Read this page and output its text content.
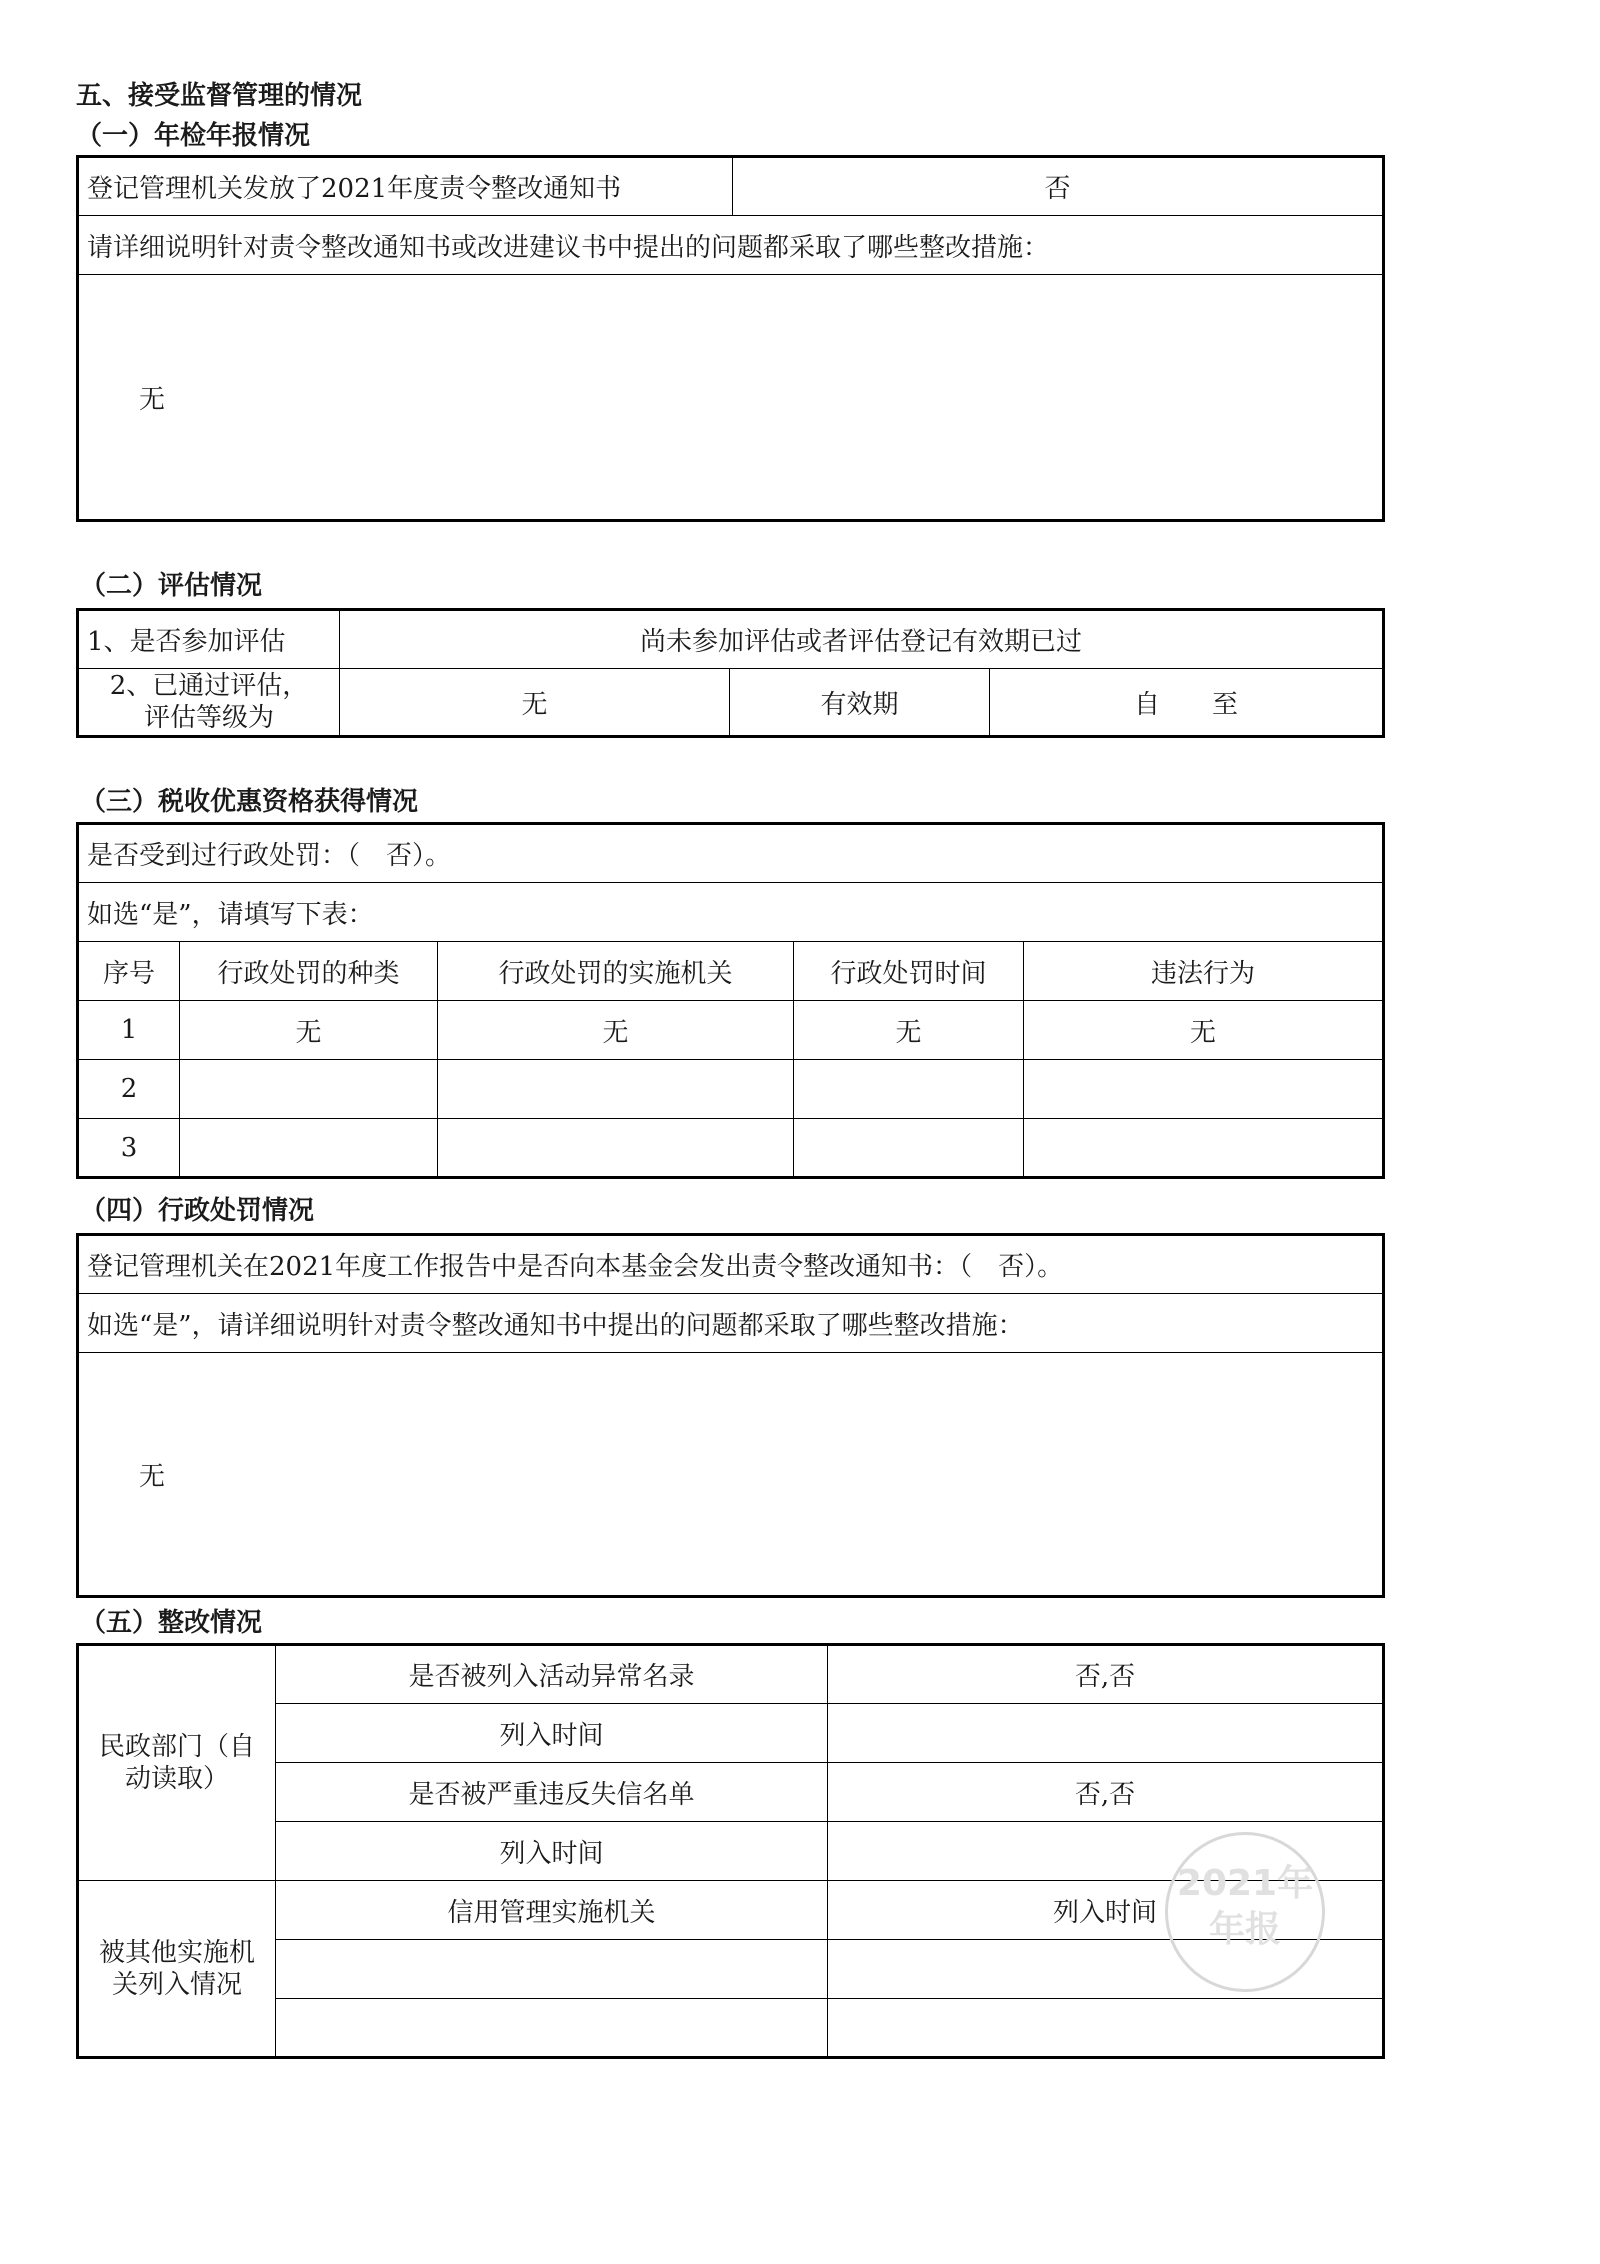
五、接受监督管理的情况
（一）年检年报情况
登记管理机关发放了2021年度责令整改通知书	否
请详细说明针对责令整改通知书或改进建议书中提出的问题都采取了哪些整改措施：
无
（二）评估情况
1、是否参加评估	尚未参加评估或者评估登记有效期已过		
2、已通过评估，
评估等级为	无	有效期	自　　至
（三）税收优惠资格获得情况
是否受到过行政处罚：（　否）。				
如选“是”，请填写下表：				
序号	行政处罚的种类	行政处罚的实施机关	行政处罚时间	违法行为
1	无	无	无	无
2				
3				
（四）行政处罚情况
登记管理机关在2021年度工作报告中是否向本基金会发出责令整改通知书：（　否）。
如选“是”，请详细说明针对责令整改通知书中提出的问题都采取了哪些整改措施：
无
（五）整改情况
民政部门（自
动读取）	是否被列入活动异常名录	否,否
	列入时间	
	是否被严重违反失信名单	否,否
	列入时间	
被其他实施机
关列入情况	信用管理实施机关	列入时间

2021年
年报
